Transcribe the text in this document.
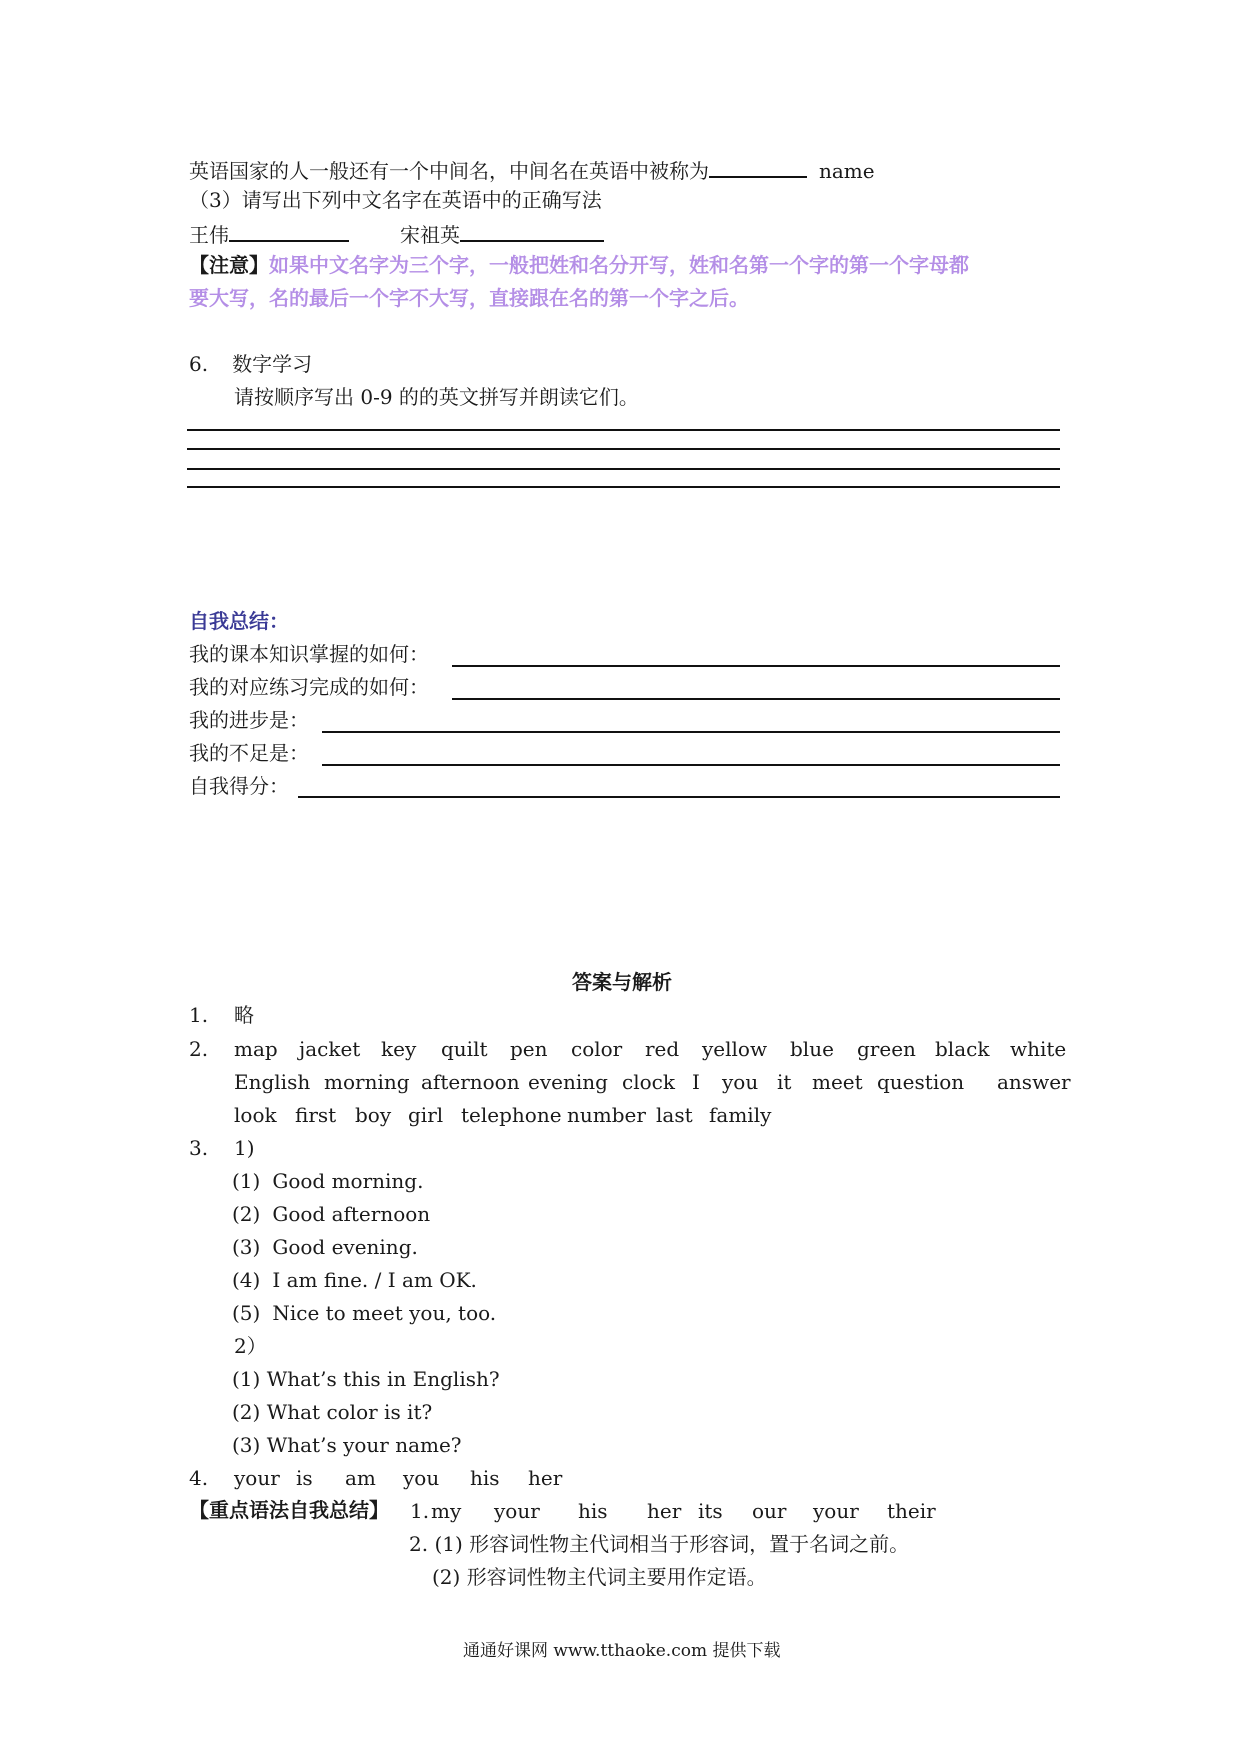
英语国家的人一般还有一个中间名，中间名在英语中被称为	name
（3）请写出下列中文名字在英语中的正确写法
王伟	宋祖英
【注意】如果中文名字为三个字，一般把姓和名分开写，姓和名第一个字的第一个字母都
要大写，名的最后一个字不大写，直接跟在名的第一个字之后。
6. 数字学习
请按顺序写出 0-9 的的英文拼写并朗读它们。
自我总结：
我的课本知识掌握的如何：
我的对应练习完成的如何：
我的进步是：
我的不足是：
自我得分：
答案与解析
1. 略
2. map jacket key quilt pen color red yellow blue green black white
English morning afternoon evening clock I you it meet question answer
look first boy girl telephone number last family
3. 1)
(1) Good morning.
(2) Good afternoon
(3) Good evening.
(4) I am fine. / I am OK.
(5) Nice to meet you, too.
2）
(1) What’s this in English?
(2) What color is it?
(3) What’s your name?
4. your is am you his her
【重点语法自我总结】 1. my your his her its our your their
2. (1) 形容词性物主代词相当于形容词，置于名词之前。
(2) 形容词性物主代词主要用作定语。
通通好课网 www.tthaoke.com 提供下载
